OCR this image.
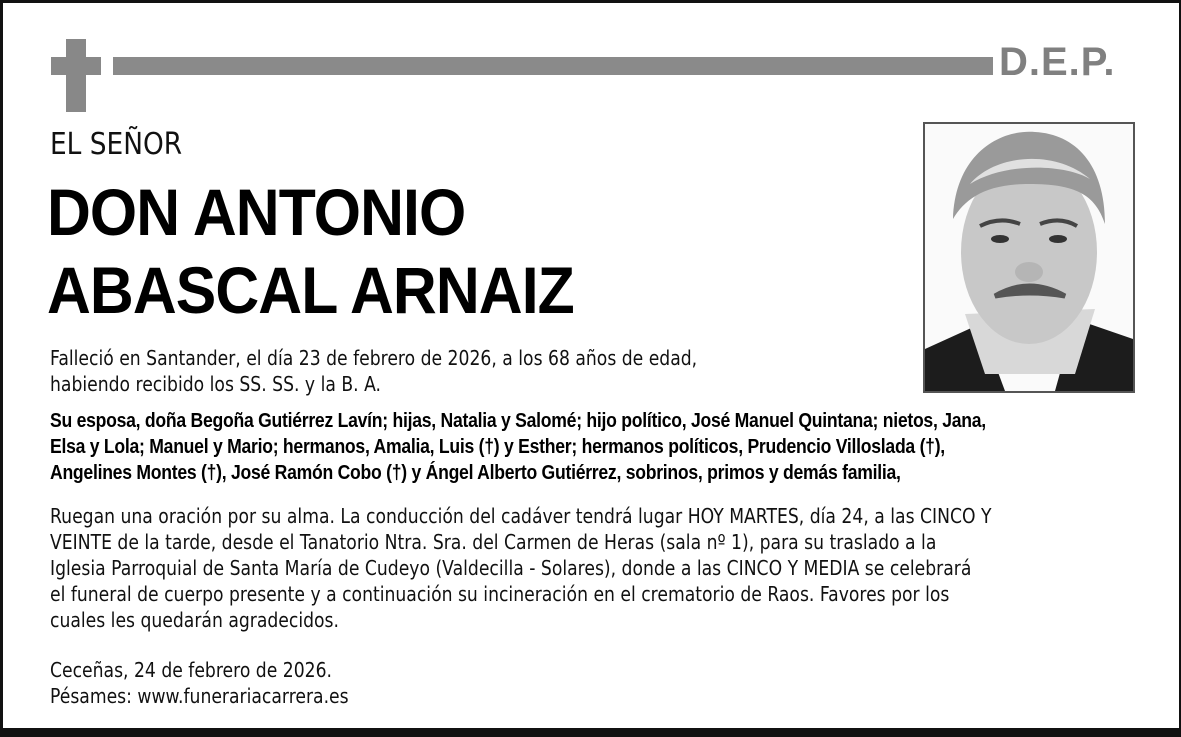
D.E.P.
EL SEÑOR
DON ANTONIO
ABASCAL ARNAIZ
Falleció en Santander, el día 23 de febrero de 2026, a los 68 años de edad,
habiendo recibido los SS. SS. y la B. A.
Su esposa, doña Begoña Gutiérrez Lavín; hijas, Natalia y Salomé; hijo político, José Manuel Quintana; nietos, Jana,
Elsa y Lola; Manuel y Mario; hermanos, Amalia, Luis (†) y Esther; hermanos políticos, Prudencio Villoslada (†),
Angelines Montes (†), José Ramón Cobo (†) y Ángel Alberto Gutiérrez, sobrinos, primos y demás familia,
Ruegan una oración por su alma. La conducción del cadáver tendrá lugar HOY MARTES, día 24, a las CINCO Y
VEINTE de la tarde, desde el Tanatorio Ntra. Sra. del Carmen de Heras (sala nº 1), para su traslado a la
Iglesia Parroquial de Santa María de Cudeyo (Valdecilla - Solares), donde a las CINCO Y MEDIA se celebrará
el funeral de cuerpo presente y a continuación su incineración en el crematorio de Raos. Favores por los
cuales les quedarán agradecidos.
Ceceñas, 24 de febrero de 2026.
Pésames: www.funerariacarrera.es
